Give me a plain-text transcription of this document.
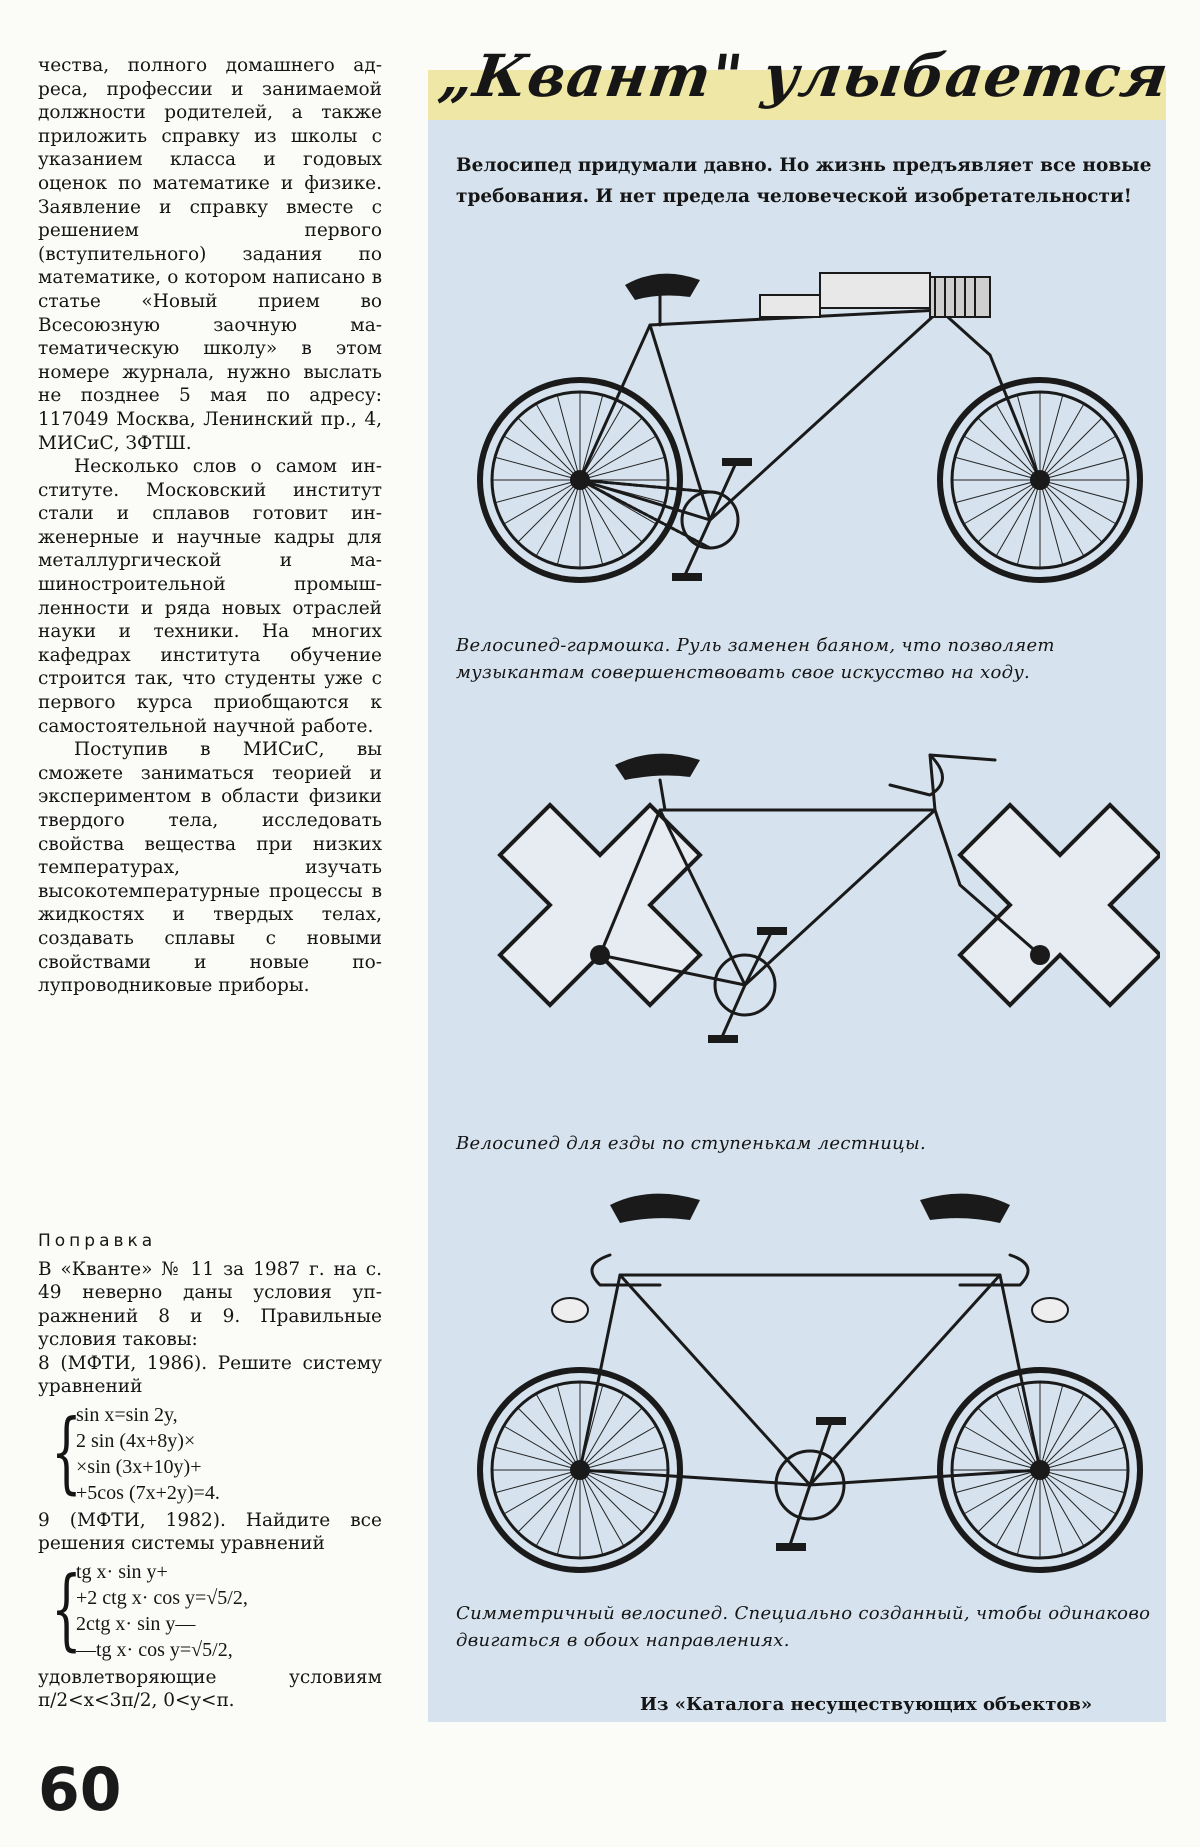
чества, полного домашнего адреса, профессии и занимаемой должности родителей, а также приложить справку из школы с указанием класса и годовых оценок по математике и физике. Заявление и справку вместе с решением первого (вступительного) задания по математике, о котором написано в статье «Новый прием во Всесоюзную заочную математическую школу» в этом номере журнала, нужно выслать не позднее 5 мая по адресу: 117049 Москва, Ленинский пр., 4, МИСиС, ЗФТШ.

Несколько слов о самом институте. Московский институт стали и сплавов готовит инженерные и научные кадры для металлургической и машиностроительной промышленности и ряда новых отраслей науки и техники. На многих кафедрах института обучение строится так, что студенты уже с первого курса приобщаются к самостоятельной научной работе.

Поступив в МИСиС, вы сможете заниматься теорией и экспериментом в области физики твердого тела, исследовать свойства вещества при низких температурах, изучать высокотемпературные процессы в жидкостях и твердых телах, создавать сплавы с новыми свойствами и новые полупроводниковые приборы.

Поправка

В «Кванте» № 11 за 1987 г. на с. 49 неверно даны условия упражнений 8 и 9. Правильные условия таковы:

8 (МФТИ, 1986). Решите систему уравнений

{
sin x=sin 2y,
2 sin (4x+8y)×
×sin (3x+10y)+
+5cos (7x+2y)=4.

9 (МФТИ, 1982). Найдите все решения системы уравнений

{
tg x· sin y+
+2 ctg x· cos y=√5/2,
2ctg x· sin y—
—tg x· cos y=√5/2,

удовлетворяющие условиям π/2<x<3π/2, 0<y<π.

60
„Квант" улыбается
Велосипед придумали давно. Но жизнь предъявляет все новые требования. И нет предела человеческой изобретательности!
Велосипед-гармошка. Руль заменен баяном, что позволяет музыкантам совершенствовать свое искусство на ходу.
Велосипед для езды по ступенькам лестницы.
Симметричный велосипед. Специально созданный, чтобы одинаково двигаться в обоих направлениях.
Из «Каталога несуществующих объектов»
